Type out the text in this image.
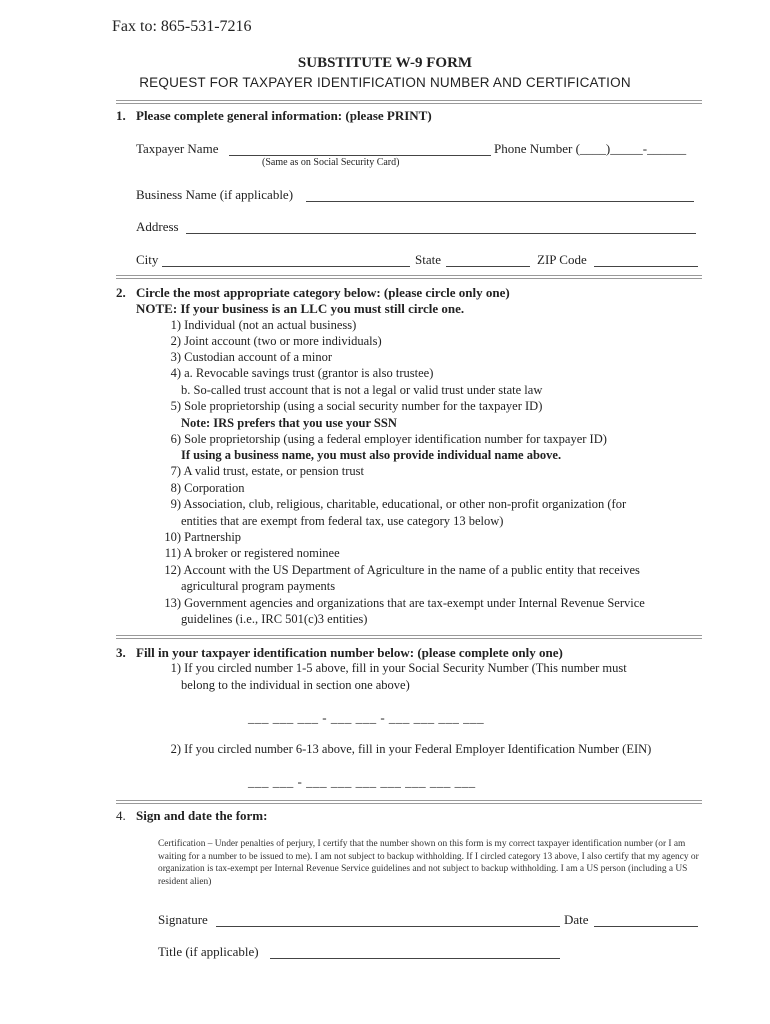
Fax to: 865-531-7216
SUBSTITUTE W-9 FORM
REQUEST FOR TAXPAYER IDENTIFICATION NUMBER AND CERTIFICATION
1. Please complete general information: (please PRINT)
Taxpayer Name
(Same as on Social Security Card)
Phone Number (____)_____-______
Business Name (if applicable)
Address
City	State	ZIP Code
2. Circle the most appropriate category below: (please circle only one)
NOTE: If your business is an LLC you must still circle one.
1) Individual (not an actual business)
2) Joint account (two or more individuals)
3) Custodian account of a minor
4) a. Revocable savings trust (grantor is also trustee)
b. So-called trust account that is not a legal or valid trust under state law
5) Sole proprietorship (using a social security number for the taxpayer ID)
Note: IRS prefers that you use your SSN
6) Sole proprietorship (using a federal employer identification number for taxpayer ID)
If using a business name, you must also provide individual name above.
7) A valid trust, estate, or pension trust
8) Corporation
9) Association, club, religious, charitable, educational, or other non-profit organization (for
entities that are exempt from federal tax, use category 13 below)
10) Partnership
11) A broker or registered nominee
12) Account with the US Department of Agriculture in the name of a public entity that receives
agricultural program payments
13) Government agencies and organizations that are tax-exempt under Internal Revenue Service
guidelines (i.e., IRC 501(c)3 entities)
3. Fill in your taxpayer identification number below: (please complete only one)
1) If you circled number 1-5 above, fill in your Social Security Number (This number must
belong to the individual in section one above)
___ ___ ___ - ___ ___ - ___ ___ ___ ___
2) If you circled number 6-13 above, fill in your Federal Employer Identification Number (EIN)
___ ___ - ___ ___ ___ ___ ___ ___ ___
4. Sign and date the form:
Certification – Under penalties of perjury, I certify that the number shown on this form is my correct taxpayer identification number (or I am waiting for a number to be issued to me). I am not subject to backup withholding. If I circled category 13 above, I also certify that my agency or organization is tax-exempt per Internal Revenue Service guidelines and not subject to backup withholding. I am a US person (including a US resident alien)
Signature	Date
Title (if applicable)
